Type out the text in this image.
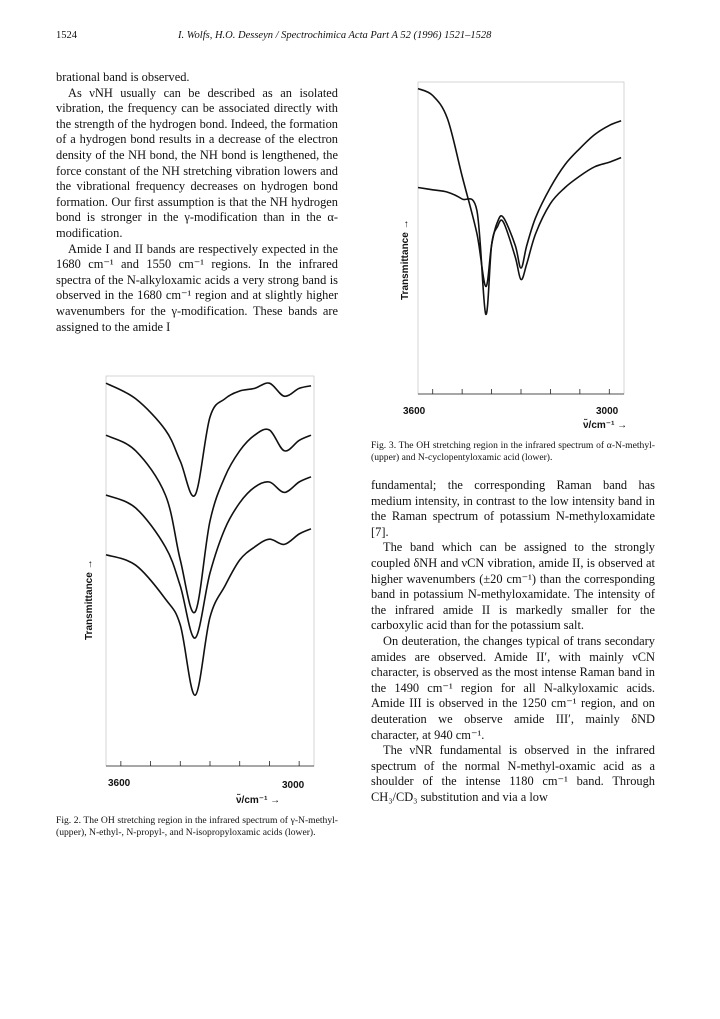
1524	I. Wolfs, H.O. Desseyn / Spectrochimica Acta Part A 52 (1996) 1521–1528

brational band is observed.

As νNH usually can be described as an isolated vibration, the frequency can be associated directly with the strength of the hydrogen bond. Indeed, the formation of a hydrogen bond results in a decrease of the electron density of the NH bond, the NH bond is lengthened, the force constant of the NH stretching vibration lowers and the vibrational frequency decreases on hydrogen bond formation. Our first assumption is that the NH hydrogen bond is stronger in the γ-modification than in the α-modification.

Amide I and II bands are respectively expected in the 1680 cm⁻¹ and 1550 cm⁻¹ regions. In the infrared spectra of the N-alkyloxamic acids a very strong band is observed in the 1680 cm⁻¹ region and at slightly higher wavenumbers for the γ-modification. These bands are assigned to the amide I

Transmittance →
3600	3000
ν̃/cm⁻¹ →
Fig. 3. The OH stretching region in the infrared spectrum of α-N-methyl- (upper) and N-cyclopentyloxamic acid (lower).
Transmittance →
3600	3000
ν̃/cm⁻¹ →
Fig. 2. The OH stretching region in the infrared spectrum of γ-N-methyl- (upper), N-ethyl-, N-propyl-, and N-isopropyloxamic acids (lower).

fundamental; the corresponding Raman band has medium intensity, in contrast to the low intensity band in the Raman spectrum of potassium N-methyloxamidate [7].

The band which can be assigned to the strongly coupled δNH and νCN vibration, amide II, is observed at higher wavenumbers (±20 cm⁻¹) than the corresponding band in potassium N-methyloxamidate. The intensity of the infrared amide II is markedly smaller for the carboxylic acid than for the potassium salt.

On deuteration, the changes typical of trans secondary amides are observed. Amide II′, with mainly νCN character, is observed as the most intense Raman band in the 1490 cm⁻¹ region for all N-alkyloxamic acids. Amide III is observed in the 1250 cm⁻¹ region, and on deuteration we observe amide III′, mainly δND character, at 940 cm⁻¹.

The νNR fundamental is observed in the infrared spectrum of the normal N-methyl-oxamic acid as a shoulder of the intense 1180 cm⁻¹ band. Through CH₃/CD₃ substitution and via a low
